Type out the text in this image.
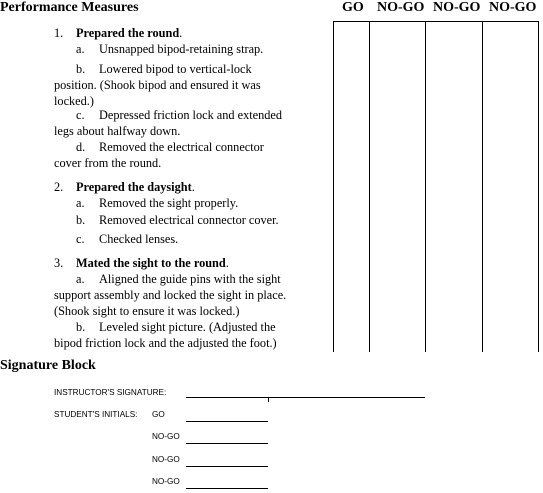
Performance Measures	GO NO-GO NO-GO NO-GO
1. Prepared the round.
a. Unsnapped bipod-retaining strap.
b. Lowered bipod to vertical-lock
position. (Shook bipod and ensured it was
locked.)
c. Depressed friction lock and extended
legs about halfway down.
d. Removed the electrical connector
cover from the round.
2. Prepared the daysight.
a. Removed the sight properly.
b. Removed electrical connector cover.
c. Checked lenses.
3. Mated the sight to the round.
a. Aligned the guide pins with the sight
support assembly and locked the sight in place.
(Shook sight to ensure it was locked.)
b. Leveled sight picture. (Adjusted the
bipod friction lock and the adjusted the foot.)
Signature Block
INSTRUCTOR'S SIGNATURE:
STUDENT'S INITIALS: GO
NO-GO
NO-GO
NO-GO
